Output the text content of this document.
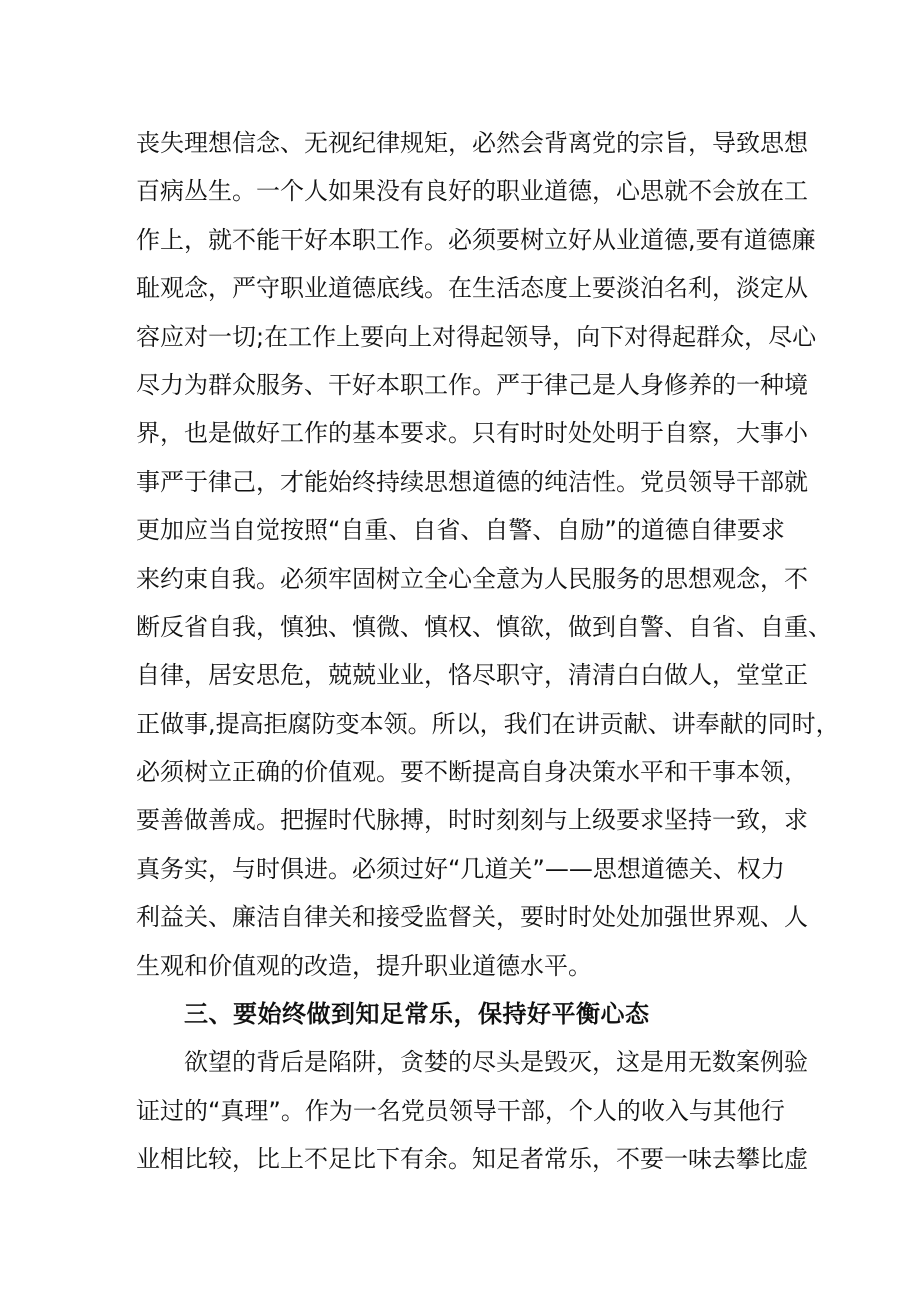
丧失理想信念、无视纪律规矩，必然会背离党的宗旨，导致思想
百病丛生。一个人如果没有良好的职业道德，心思就不会放在工
作上，就不能干好本职工作。必须要树立好从业道德,要有道德廉
耻观念，严守职业道德底线。在生活态度上要淡泊名利，淡定从
容应对一切;在工作上要向上对得起领导，向下对得起群众，尽心
尽力为群众服务、干好本职工作。严于律己是人身修养的一种境
界，也是做好工作的基本要求。只有时时处处明于自察，大事小
事严于律己，才能始终持续思想道德的纯洁性。党员领导干部就
更加应当自觉按照“自重、自省、自警、自励”的道德自律要求
来约束自我。必须牢固树立全心全意为人民服务的思想观念，不
断反省自我，慎独、慎微、慎权、慎欲，做到自警、自省、自重、
自律，居安思危，兢兢业业，恪尽职守，清清白白做人，堂堂正
正做事,提高拒腐防变本领。所以，我们在讲贡献、讲奉献的同时，
必须树立正确的价值观。要不断提高自身决策水平和干事本领，
要善做善成。把握时代脉搏，时时刻刻与上级要求坚持一致，求
真务实，与时俱进。必须过好“几道关”——思想道德关、权力
利益关、廉洁自律关和接受监督关，要时时处处加强世界观、人
生观和价值观的改造，提升职业道德水平。
三、要始终做到知足常乐，保持好平衡心态
欲望的背后是陷阱，贪婪的尽头是毁灭，这是用无数案例验
证过的“真理”。作为一名党员领导干部，个人的收入与其他行
业相比较，比上不足比下有余。知足者常乐，不要一味去攀比虚
